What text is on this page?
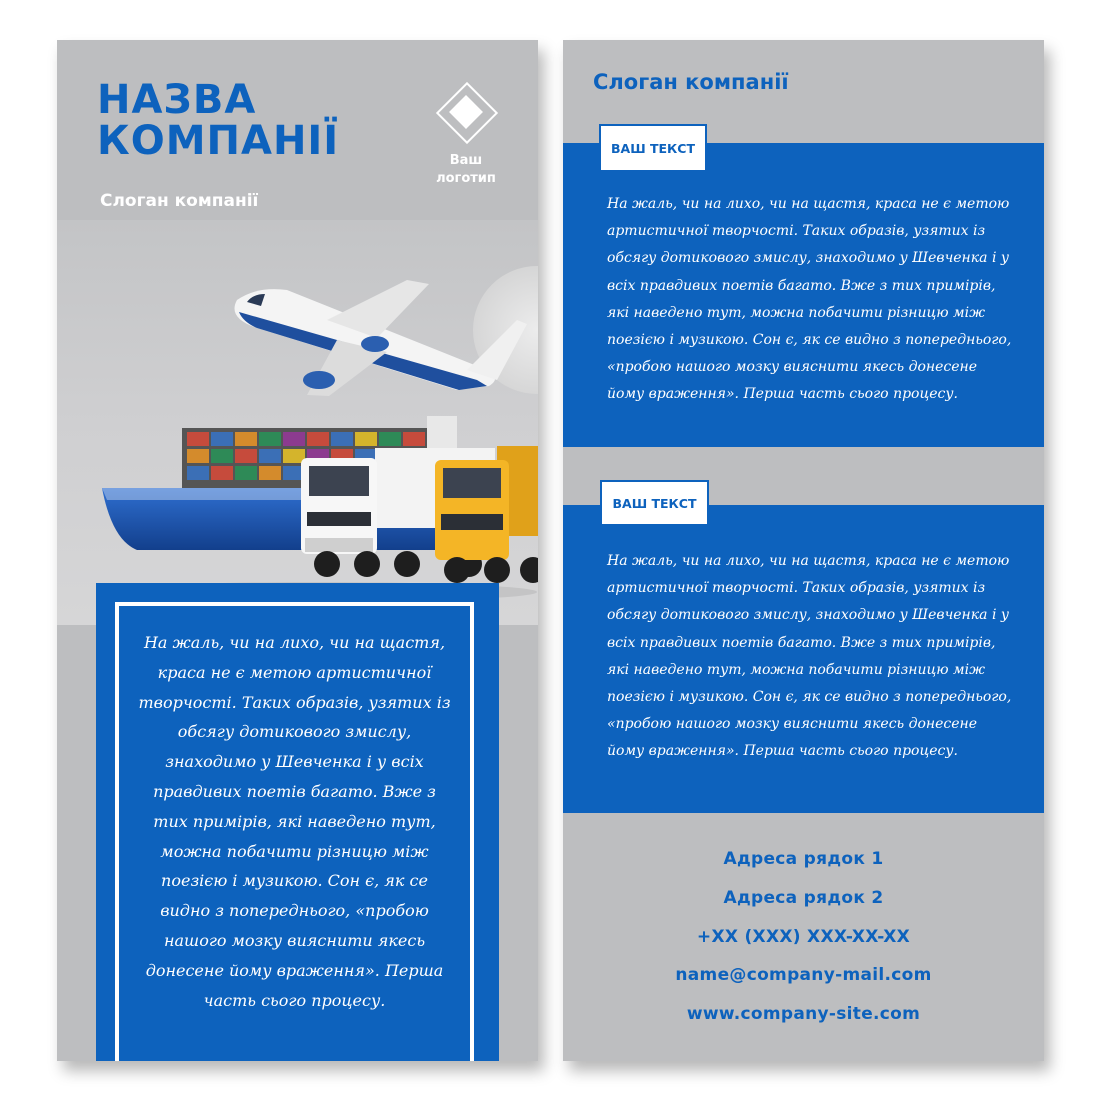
НАЗВА
КОМПАНІЇ	Ваш
логотип

Слоган компанії

На жаль, чи на лихо, чи на щастя, краса не є метою артистичної творчості. Таких образів, узятих із обсягу дотикового змислу, знаходимо у Шевченка і у всіх правдивих поетів багато. Вже з тих примірів, які наведено тут, можна побачити різницю між поезією і музикою. Сон є, як се видно з попереднього, «пробою нашого мозку вияснити якесь донесене йому враження». Перша часть сього процесу.

Слоган компанії
ВАШ ТЕКСТ

На жаль, чи на лихо, чи на щастя, краса не є метою артистичної творчості. Таких образів, узятих із обсягу дотикового змислу, знаходимо у Шевченка і у всіх правдивих поетів багато. Вже з тих примірів, які наведено тут, можна побачити різницю між поезією і музикою. Сон є, як се видно з попереднього, «пробою нашого мозку вияснити якесь донесене йому враження». Перша часть сього процесу.

ВАШ ТЕКСТ

На жаль, чи на лихо, чи на щастя, краса не є метою артистичної творчості. Таких образів, узятих із обсягу дотикового змислу, знаходимо у Шевченка і у всіх правдивих поетів багато. Вже з тих примірів, які наведено тут, можна побачити різницю між поезією і музикою. Сон є, як се видно з попереднього, «пробою нашого мозку вияснити якесь донесене йому враження». Перша часть сього процесу.

Адреса рядок 1
Адреса рядок 2
+XX (XXX) XXX-XX-XX
name@company-mail.com
www.company-site.com
